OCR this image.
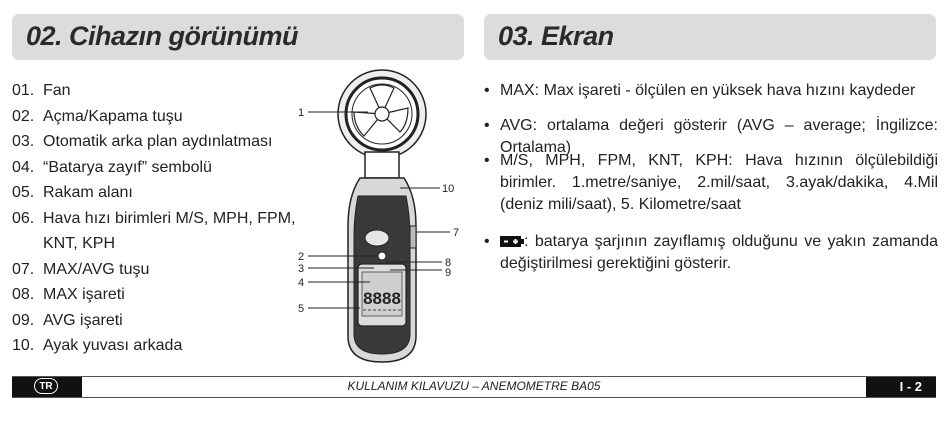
02. Cihazın görünümü	03. Ekran
01. Fan
02. Açma/Kapama tuşu
03. Otomatik arka plan aydınlatması
04. “Batarya zayıf” sembolü
05. Rakam alanı
06. Hava hızı birimleri M/S, MPH, FPM,
KNT, KPH
07. MAX/AVG tuşu
08. MAX işareti
09. AVG işareti
10. Ayak yuvası arkada
8888
1
2
3
4
5
7
8
9
10
• MAX: Max işareti - ölçülen en yüksek hava hızını kaydeder
• AVG: ortalama değeri gösterir (AVG – average; İngilizce: Ortalama)
• M/S, MPH, FPM, KNT, KPH: Hava hızının ölçülebildiği birimler. 1.metre/saniye, 2.mil/saat, 3.ayak/dakika, 4.Mil (deniz mili/saat), 5. Kilometre/saat
• : batarya şarjının zayıflamış olduğunu ve yakın zamanda değiştirilmesi gerektiğini gösterir.
TR	KULLANIM KILAVUZU – ANEMOMETRE BA05	I - 2
